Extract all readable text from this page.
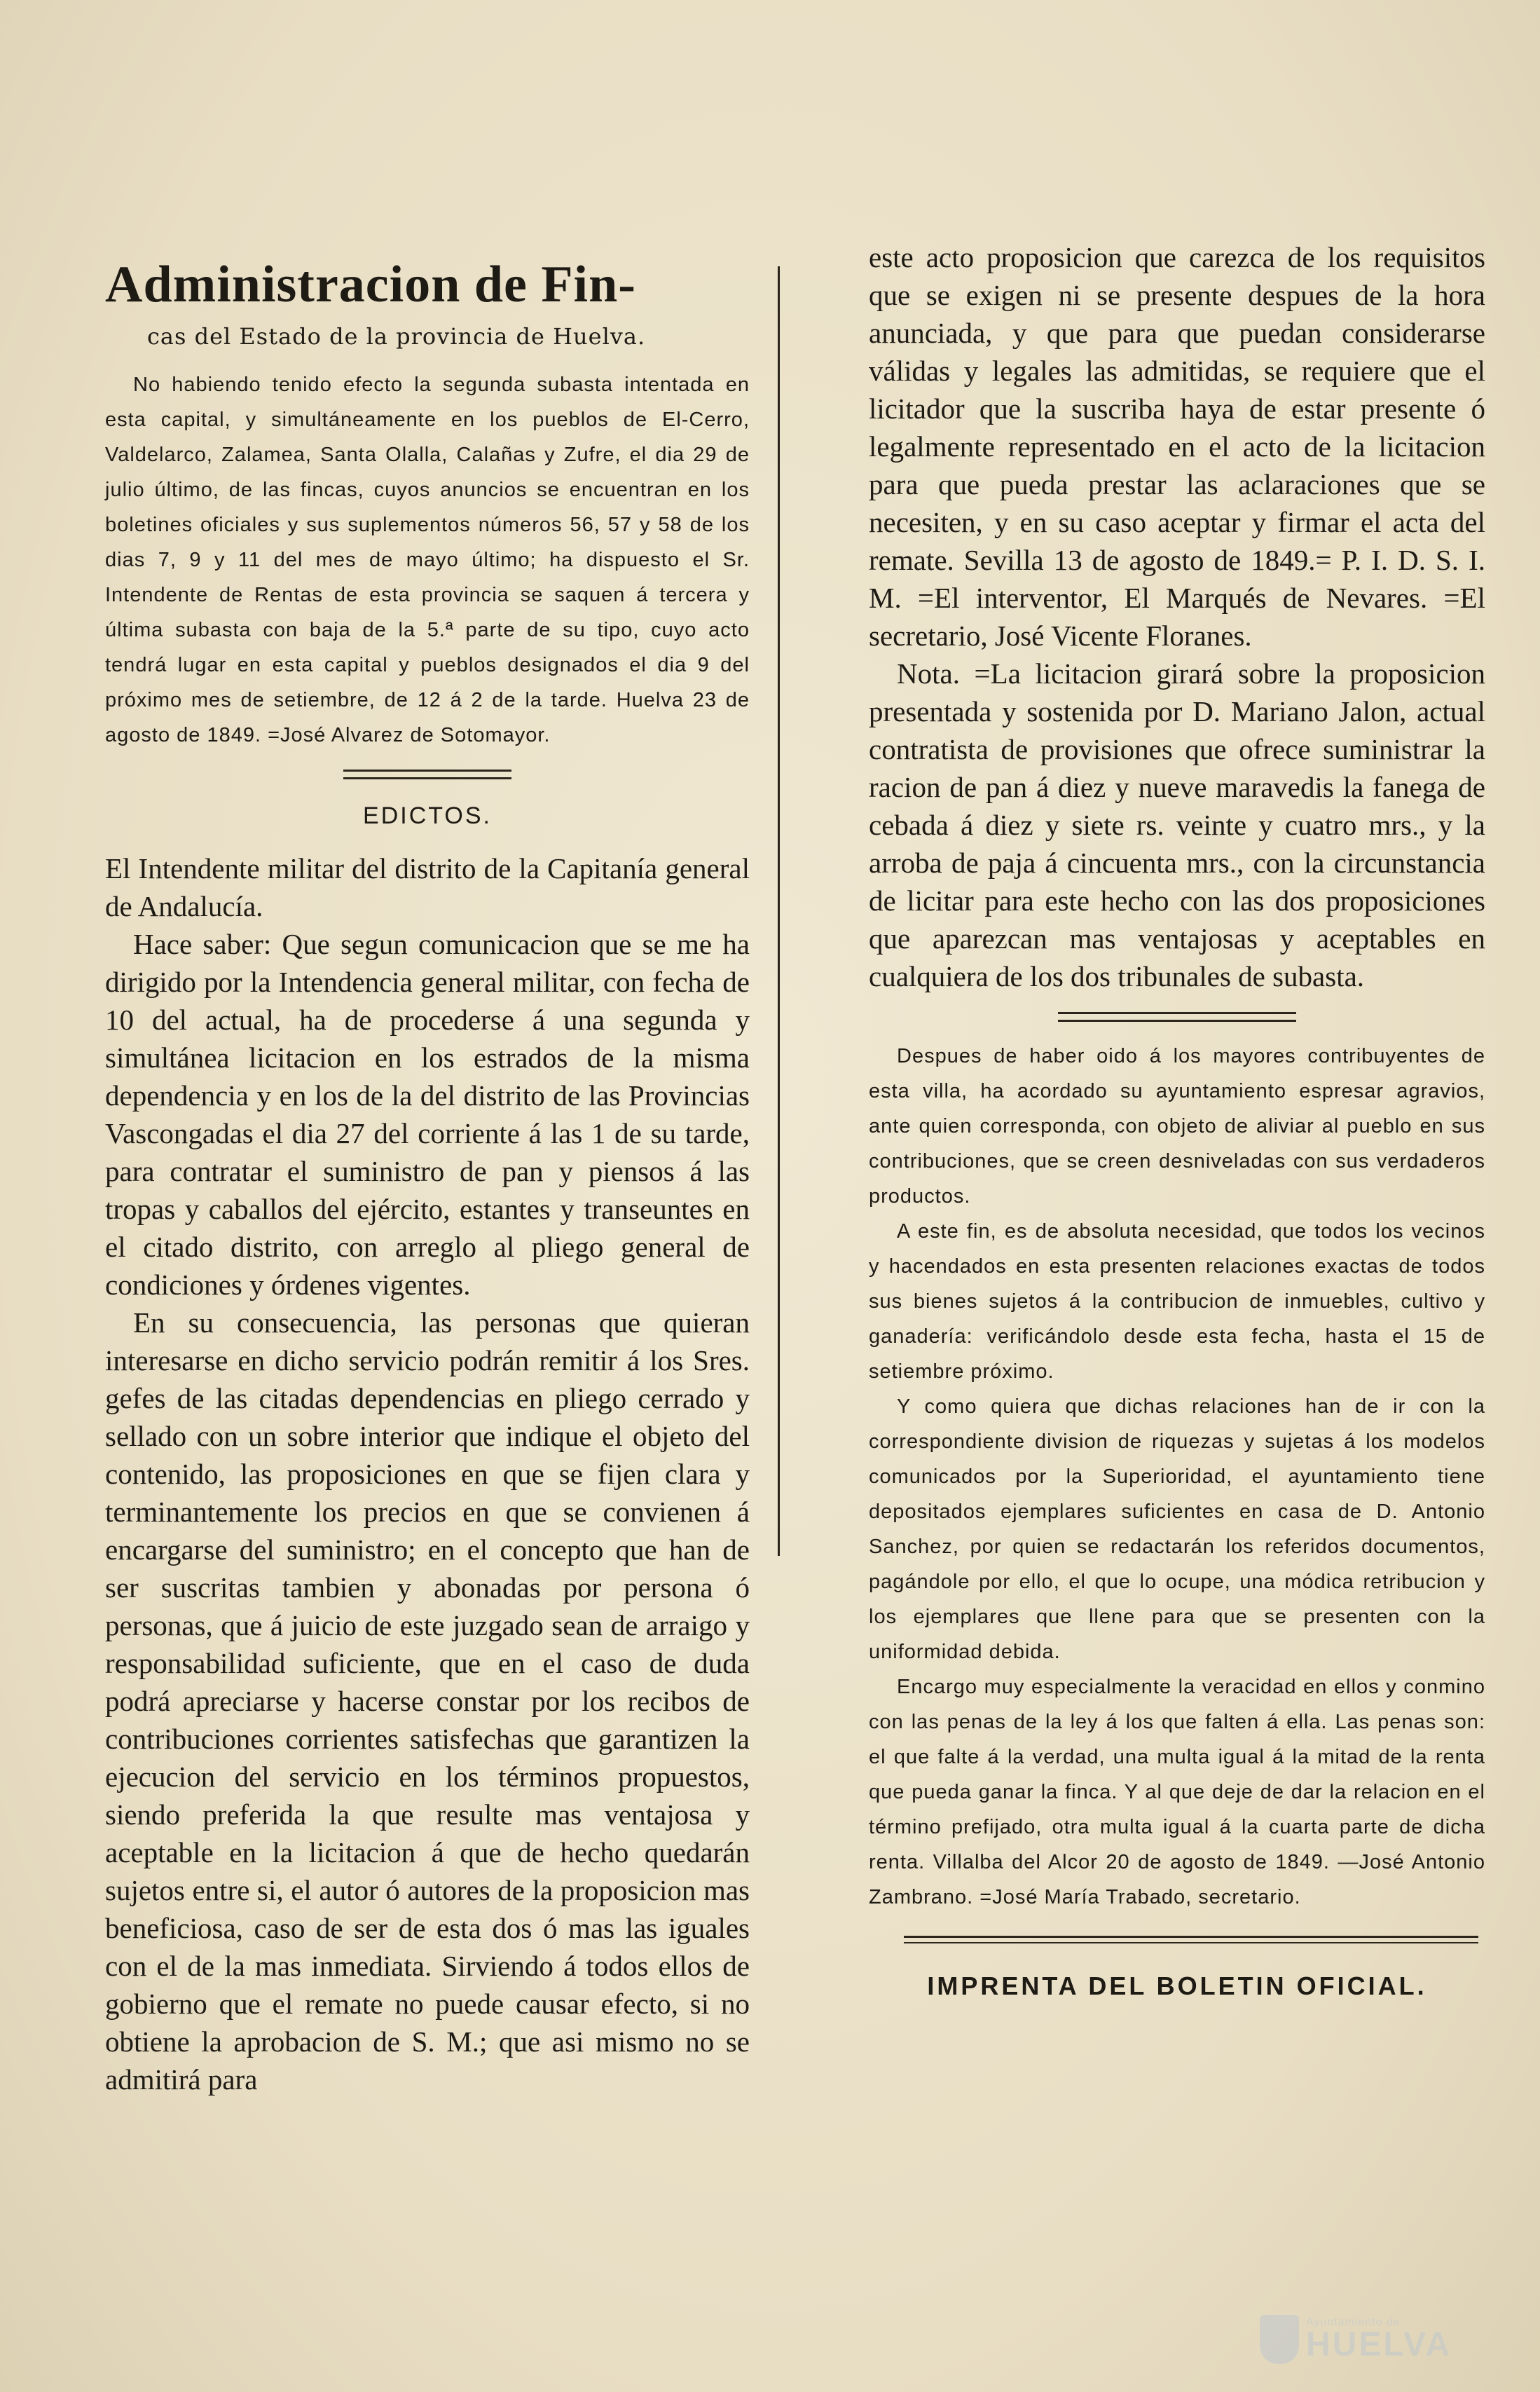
Administracion de Fin-
cas del Estado de la provincia de Huelva.

No habiendo tenido efecto la segunda subasta intentada en esta capital, y simultáneamente en los pueblos de El-Cerro, Valdelarco, Zalamea, Santa Olalla, Calañas y Zufre, el dia 29 de julio último, de las fincas, cuyos anuncios se encuentran en los boletines oficiales y sus suplementos números 56, 57 y 58 de los dias 7, 9 y 11 del mes de mayo último; ha dispuesto el Sr. Intendente de Rentas de esta provincia se saquen á tercera y última subasta con baja de la 5.ª parte de su tipo, cuyo acto tendrá lugar en esta capital y pueblos designados el dia 9 del próximo mes de setiembre, de 12 á 2 de la tarde. Huelva 23 de agosto de 1849. =José Alvarez de Sotomayor.

EDICTOS.

El Intendente militar del distrito de la Capitanía general de Andalucía.

Hace saber: Que segun comunicacion que se me ha dirigido por la Intendencia general militar, con fecha de 10 del actual, ha de procederse á una segunda y simultánea licitacion en los estrados de la misma dependencia y en los de la del distrito de las Provincias Vascongadas el dia 27 del corriente á las 1 de su tarde, para contratar el suministro de pan y piensos á las tropas y caballos del ejército, estantes y transeuntes en el citado distrito, con arreglo al pliego general de condiciones y órdenes vigentes.

En su consecuencia, las personas que quieran interesarse en dicho servicio podrán remitir á los Sres. gefes de las citadas dependencias en pliego cerrado y sellado con un sobre interior que indique el objeto del contenido, las proposiciones en que se fijen clara y terminantemente los precios en que se convienen á encargarse del suministro; en el concepto que han de ser suscritas tambien y abonadas por persona ó personas, que á juicio de este juzgado sean de arraigo y responsabilidad suficiente, que en el caso de duda podrá apreciarse y hacerse constar por los recibos de contribuciones corrientes satisfechas que garantizen la ejecucion del servicio en los términos propuestos, siendo preferida la que resulte mas ventajosa y aceptable en la licitacion á que de hecho quedarán sujetos entre si, el autor ó autores de la proposicion mas beneficiosa, caso de ser de esta dos ó mas las iguales con el de la mas inmediata. Sirviendo á todos ellos de gobierno que el remate no puede causar efecto, si no obtiene la aprobacion de S. M.; que asi mismo no se admitirá para

este acto proposicion que carezca de los requisitos que se exigen ni se presente despues de la hora anunciada, y que para que puedan considerarse válidas y legales las admitidas, se requiere que el licitador que la suscriba haya de estar presente ó legalmente representado en el acto de la licitacion para que pueda prestar las aclaraciones que se necesiten, y en su caso aceptar y firmar el acta del remate. Sevilla 13 de agosto de 1849.= P. I. D. S. I. M. =El interventor, El Marqués de Nevares. =El secretario, José Vicente Floranes.

Nota. =La licitacion girará sobre la proposicion presentada y sostenida por D. Mariano Jalon, actual contratista de provisiones que ofrece suministrar la racion de pan á diez y nueve maravedis la fanega de cebada á diez y siete rs. veinte y cuatro mrs., y la arroba de paja á cincuenta mrs., con la circunstancia de licitar para este hecho con las dos proposiciones que aparezcan mas ventajosas y aceptables en cualquiera de los dos tribunales de subasta.

Despues de haber oido á los mayores contribuyentes de esta villa, ha acordado su ayuntamiento espresar agravios, ante quien corresponda, con objeto de aliviar al pueblo en sus contribuciones, que se creen desniveladas con sus verdaderos productos.

A este fin, es de absoluta necesidad, que todos los vecinos y hacendados en esta presenten relaciones exactas de todos sus bienes sujetos á la contribucion de inmuebles, cultivo y ganadería: verificándolo desde esta fecha, hasta el 15 de setiembre próximo.

Y como quiera que dichas relaciones han de ir con la correspondiente division de riquezas y sujetas á los modelos comunicados por la Superioridad, el ayuntamiento tiene depositados ejemplares suficientes en casa de D. Antonio Sanchez, por quien se redactarán los referidos documentos, pagándole por ello, el que lo ocupe, una módica retribucion y los ejemplares que llene para que se presenten con la uniformidad debida.

Encargo muy especialmente la veracidad en ellos y conmino con las penas de la ley á los que falten á ella. Las penas son: el que falte á la verdad, una multa igual á la mitad de la renta que pueda ganar la finca. Y al que deje de dar la relacion en el término prefijado, otra multa igual á la cuarta parte de dicha renta. Villalba del Alcor 20 de agosto de 1849. —José Antonio Zambrano. =José María Trabado, secretario.

IMPRENTA DEL BOLETIN OFICIAL.
Ayuntamiento de
HUELVA
